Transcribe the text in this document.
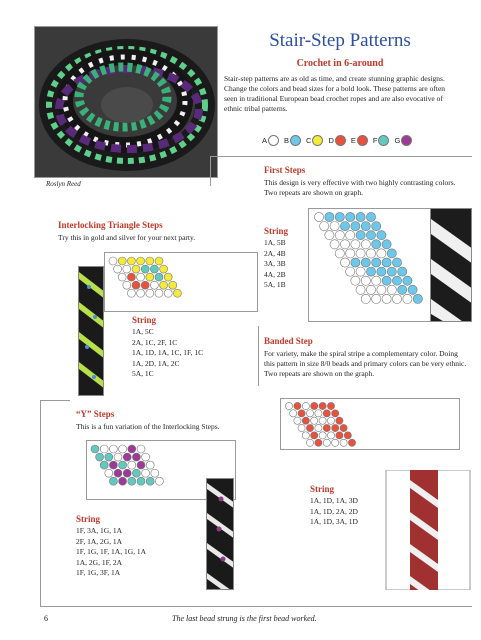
Roslyn Reed
Stair-Step Patterns
Crochet in 6-around
Stair-step patterns are as old as time, and create stunning graphic designs. Change the colors and bead sizes for a bold look. These patterns are often seen in traditional European bead crochet ropes and are also evocative of ethnic tribal patterns.
A B C D E F G
First Steps
This design is very effective with two highly contrasting colors. Two repeats are shown on graph.
String
1A, 5B
2A, 4B
3A, 3B
4A, 2B
5A, 1B
Interlocking Triangle Steps
Try this in gold and silver for your next party.
String
1A, 5C
2A, 1C, 2F, 1C
1A, 1D, 1A, 1C, 1F, 1C
1A, 2D, 1A, 2C
5A, 1C
Banded Step
For variety, make the spiral stripe a complementary color. Doing this pattern in size 8/0 beads and primary colors can be very ethnic. Two repeats are shown on the graph.
String
1A, 1D, 1A, 3D
1A, 1D, 2A, 2D
1A, 1D, 3A, 1D
“Y” Steps
This is a fun variation of the Interlocking Steps.
String
1F, 3A, 1G, 1A
2F, 1A, 2G, 1A
1F, 1G, 1F, 1A, 1G, 1A
1A, 2G, 1F, 2A
1F, 1G, 3F, 1A
6	The last bead strung is the first bead worked.
